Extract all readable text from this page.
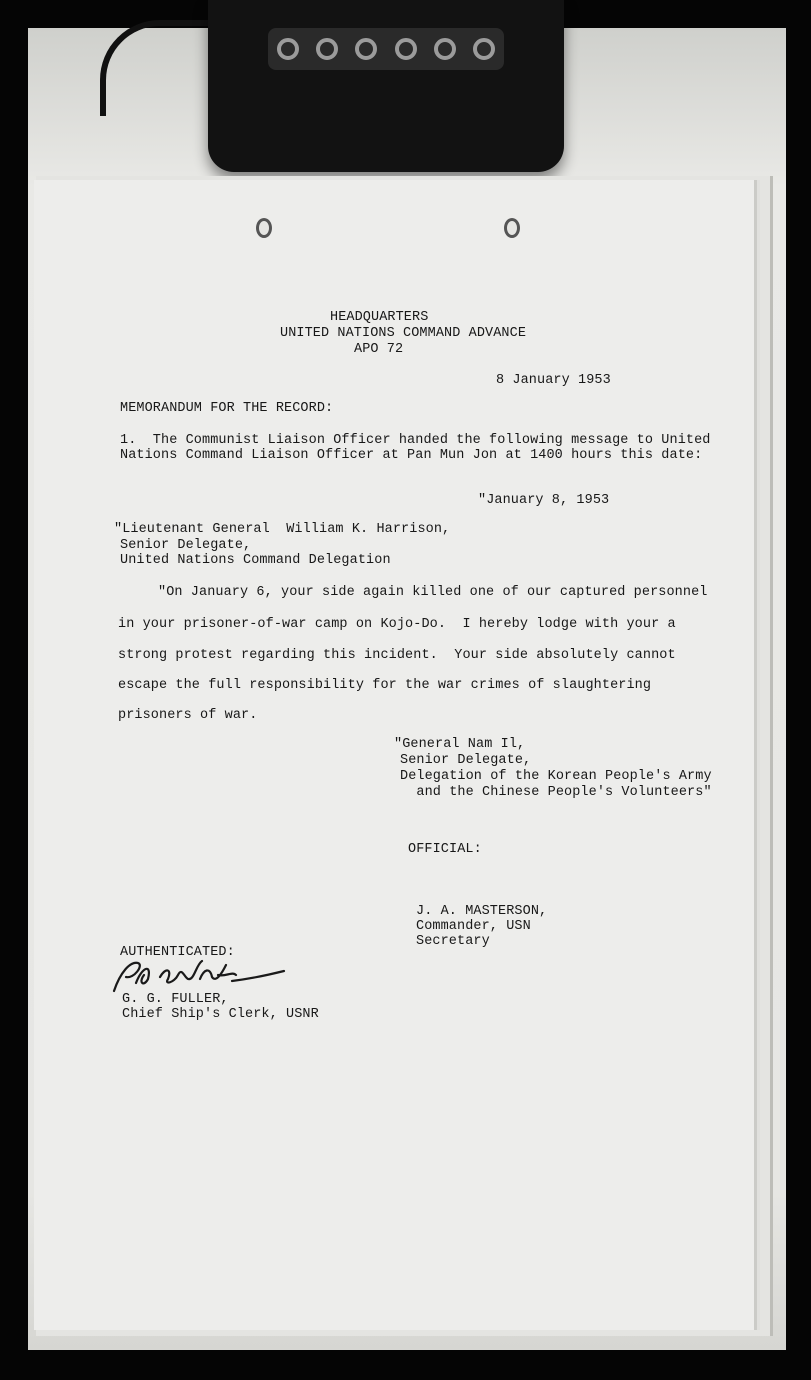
HEADQUARTERS
UNITED NATIONS COMMAND ADVANCE
APO 72
8 January 1953
MEMORANDUM FOR THE RECORD:
1.  The Communist Liaison Officer handed the following message to United
Nations Command Liaison Officer at Pan Mun Jon at 1400 hours this date:
"January 8, 1953
"Lieutenant General  William K. Harrison,
Senior Delegate,
United Nations Command Delegation
"On January 6, your side again killed one of our captured personnel
in your prisoner-of-war camp on Kojo-Do.  I hereby lodge with your a
strong protest regarding this incident.  Your side absolutely cannot
escape the full responsibility for the war crimes of slaughtering
prisoners of war.
"General Nam Il,
Senior Delegate,
Delegation of the Korean People's Army
and the Chinese People's Volunteers"
OFFICIAL:
J. A. MASTERSON,
Commander, USN
Secretary
AUTHENTICATED:
G. G. FULLER,
Chief Ship's Clerk, USNR
